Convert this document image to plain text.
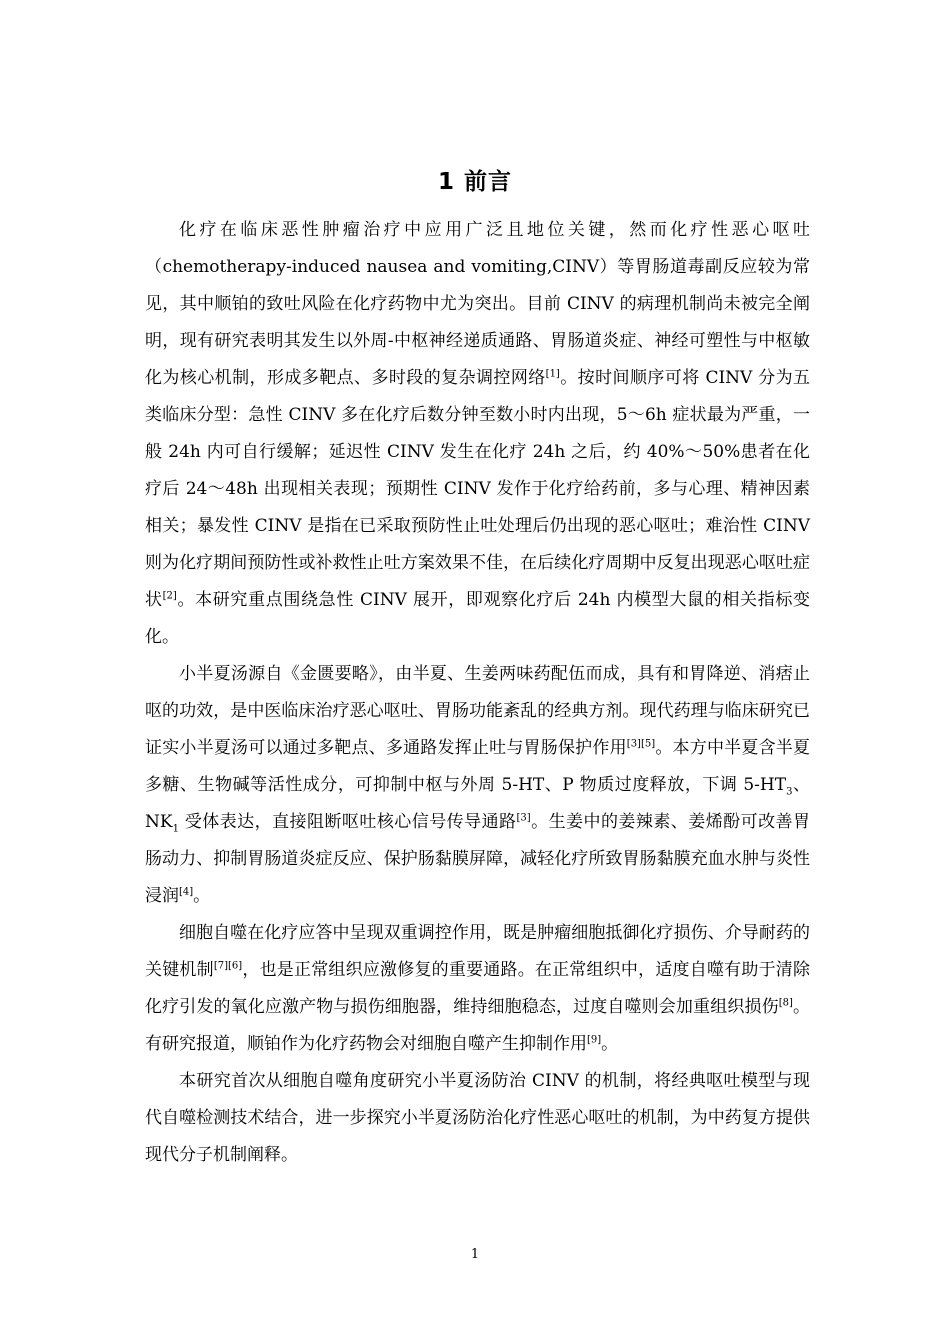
1 前言

化疗在临床恶性肿瘤治疗中应用广泛且地位关键，然而化疗性恶心呕吐（chemotherapy-induced nausea and vomiting,CINV）等胃肠道毒副反应较为常见，其中顺铂的致吐风险在化疗药物中尤为突出。目前 CINV 的病理机制尚未被完全阐明，现有研究表明其发生以外周-中枢神经递质通路、胃肠道炎症、神经可塑性与中枢敏化为核心机制，形成多靶点、多时段的复杂调控网络[1]。按时间顺序可将 CINV 分为五类临床分型：急性 CINV 多在化疗后数分钟至数小时内出现，5～6h 症状最为严重，一般 24h 内可自行缓解；延迟性 CINV 发生在化疗 24h 之后，约 40%～50%患者在化疗后 24～48h 出现相关表现；预期性 CINV 发作于化疗给药前，多与心理、精神因素相关；暴发性 CINV 是指在已采取预防性止吐处理后仍出现的恶心呕吐；难治性 CINV 则为化疗期间预防性或补救性止吐方案效果不佳，在后续化疗周期中反复出现恶心呕吐症状[2]。本研究重点围绕急性 CINV 展开，即观察化疗后 24h 内模型大鼠的相关指标变化。

小半夏汤源自《金匮要略》，由半夏、生姜两味药配伍而成，具有和胃降逆、消痞止呕的功效，是中医临床治疗恶心呕吐、胃肠功能紊乱的经典方剂。现代药理与临床研究已证实小半夏汤可以通过多靶点、多通路发挥止吐与胃肠保护作用[3][5]。本方中半夏含半夏多糖、生物碱等活性成分，可抑制中枢与外周 5-HT、P 物质过度释放，下调 $5-HT_3$、$NK_1$ 受体表达，直接阻断呕吐核心信号传导通路[3]。生姜中的姜辣素、姜烯酚可改善胃肠动力、抑制胃肠道炎症反应、保护肠黏膜屏障，减轻化疗所致胃肠黏膜充血水肿与炎性浸润[4]。

细胞自噬在化疗应答中呈现双重调控作用，既是肿瘤细胞抵御化疗损伤、介导耐药的关键机制[7][6]，也是正常组织应激修复的重要通路。在正常组织中，适度自噬有助于清除化疗引发的氧化应激产物与损伤细胞器，维持细胞稳态，过度自噬则会加重组织损伤[8]。有研究报道，顺铂作为化疗药物会对细胞自噬产生抑制作用[9]。

本研究首次从细胞自噬角度研究小半夏汤防治 CINV 的机制，将经典呕吐模型与现代自噬检测技术结合，进一步探究小半夏汤防治化疗性恶心呕吐的机制，为中药复方提供现代分子机制阐释。

1
